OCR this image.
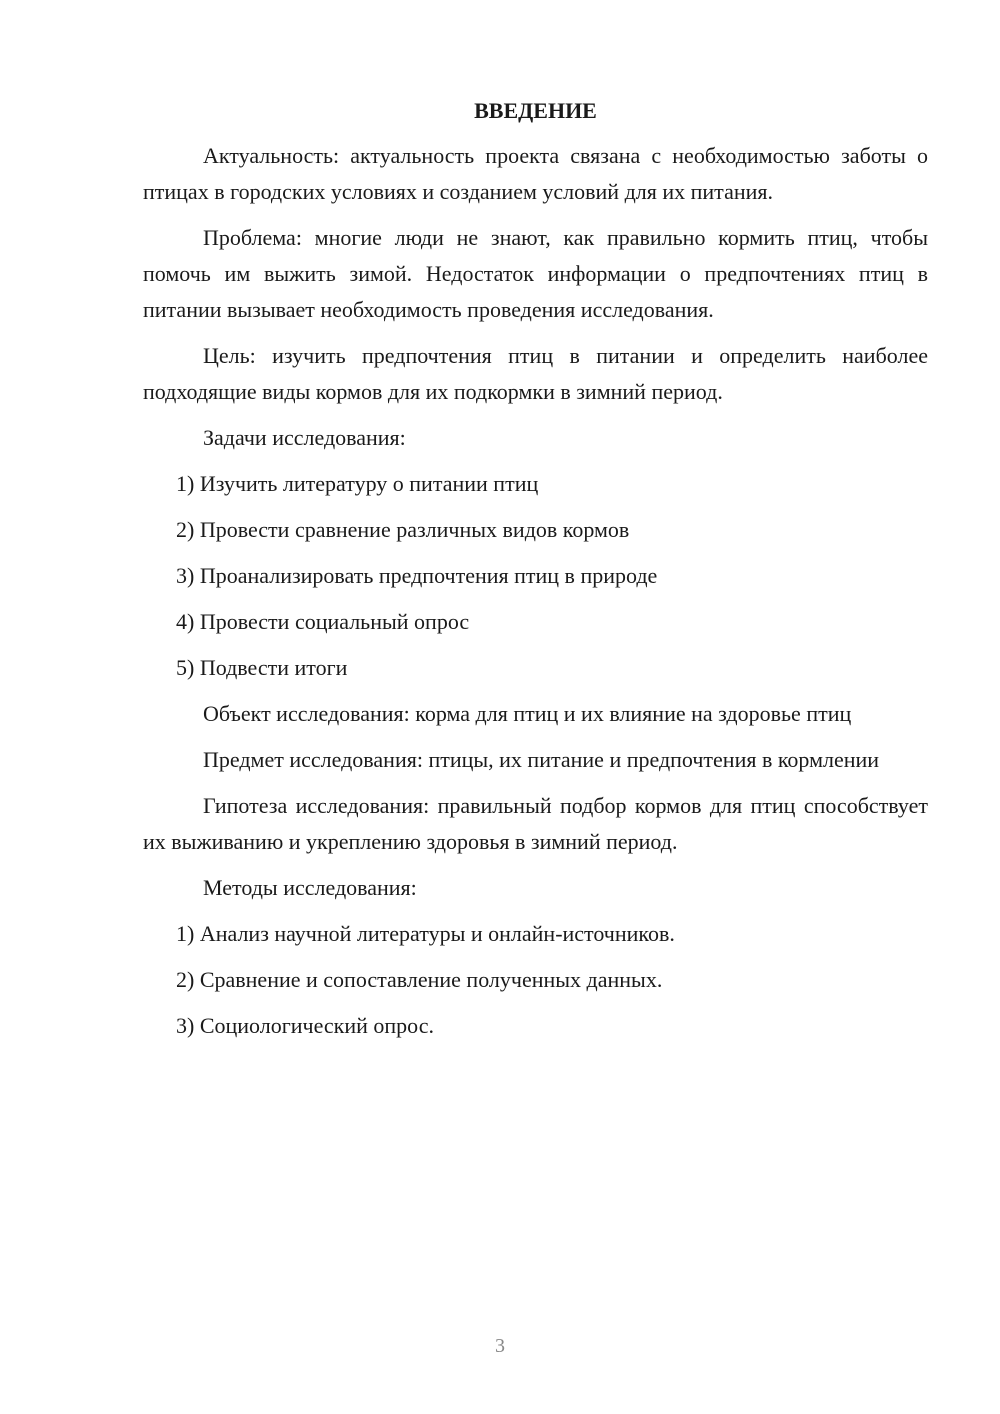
ВВЕДЕНИЕ

Актуальность: актуальность проекта связана с необходимостью заботы о птицах в городских условиях и созданием условий для их питания.

Проблема: многие люди не знают, как правильно кормить птиц, чтобы помочь им выжить зимой. Недостаток информации о предпочтениях птиц в питании вызывает необходимость проведения исследования.

Цель: изучить предпочтения птиц в питании и определить наиболее подходящие виды кормов для их подкормки в зимний период.

Задачи исследования:

1) Изучить литературу о питании птиц

2) Провести сравнение различных видов кормов

3) Проанализировать предпочтения птиц в природе

4) Провести социальный опрос

5) Подвести итоги

Объект исследования: корма для птиц и их влияние на здоровье птиц

Предмет исследования: птицы, их питание и предпочтения в кормлении

Гипотеза исследования: правильный подбор кормов для птиц способствует их выживанию и укреплению здоровья в зимний период.

Методы исследования:

1) Анализ научной литературы и онлайн-источников.

2) Сравнение и сопоставление полученных данных.

3) Социологический опрос.

3
